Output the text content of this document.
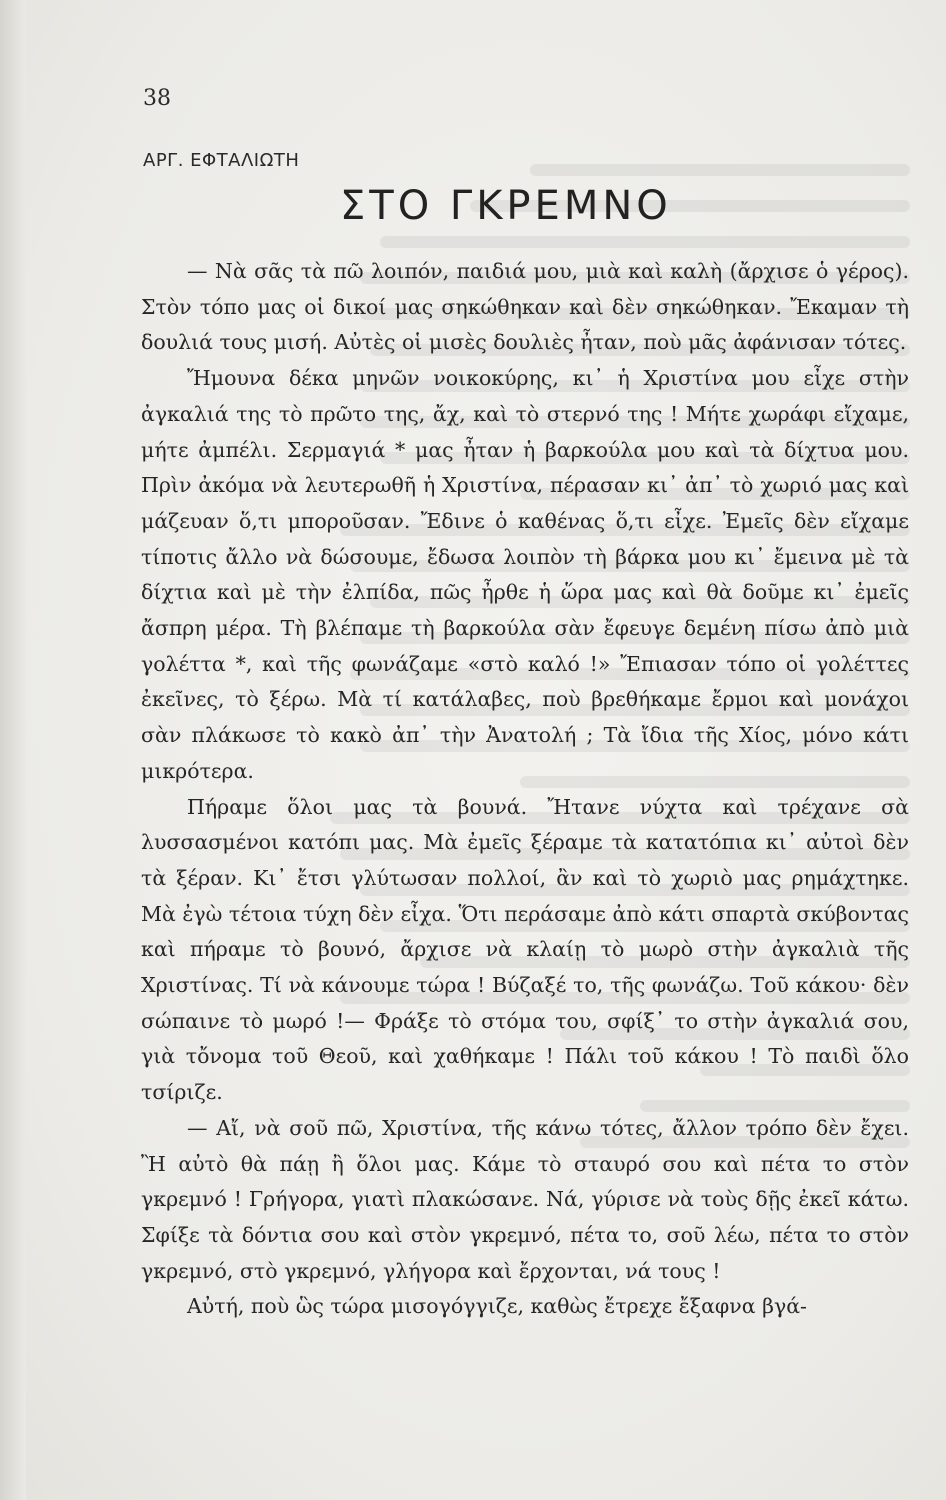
38

ΑΡΓ. ΕΦΤΑΛΙΩΤΗ

ΣΤΟ ΓΚΡΕΜΝΟ

— Νὰ σᾶς τὰ πῶ λοιπόν, παιδιά μου, μιὰ καὶ καλὴ (ἄρχισε ὁ γέρος). Στὸν τόπο μας οἱ δικοί μας σηκώθηκαν καὶ δὲν σηκώθηκαν. Ἔκαμαν τὴ δουλιά τους μισή. Αὐτὲς οἱ μισὲς δουλιὲς ἦταν, ποὺ μᾶς ἀφάνισαν τότες.

Ἤμουνα δέκα μηνῶν νοικοκύρης, κι᾿ ἡ Χριστίνα μου εἶχε στὴν ἀγκαλιά της τὸ πρῶτο της, ἄχ, καὶ τὸ στερνό της ! Μήτε χωράφι εἴχαμε, μήτε ἀμπέλι. Σερμαγιά * μας ἦταν ἡ βαρκούλα μου καὶ τὰ δίχτυα μου. Πρὶν ἀκόμα νὰ λευτερωθῆ ἡ Χριστίνα, πέρασαν κι᾿ ἀπ᾿ τὸ χωριό μας καὶ μάζευαν ὅ,τι μποροῦσαν. Ἔδινε ὁ καθένας ὅ,τι εἶχε. Ἐμεῖς δὲν εἴχαμε τίποτις ἄλλο νὰ δώσουμε, ἔδωσα λοιπὸν τὴ βάρκα μου κι᾿ ἔμεινα μὲ τὰ δίχτια καὶ μὲ τὴν ἐλπίδα, πῶς ἦρθε ἡ ὥρα μας καὶ θὰ δοῦμε κι᾿ ἐμεῖς ἄσπρη μέρα. Τὴ βλέπαμε τὴ βαρκούλα σὰν ἔφευγε δεμένη πίσω ἀπὸ μιὰ γολέττα *, καὶ τῆς φωνάζαμε «στὸ καλό !» Ἔπιασαν τόπο οἱ γολέττες ἐκεῖνες, τὸ ξέρω. Μὰ τί κατάλαβες, ποὺ βρεθήκαμε ἔρμοι καὶ μονάχοι σὰν πλάκωσε τὸ κακὸ ἀπ᾿ τὴν Ἀνατολή ; Τὰ ἴδια τῆς Χίος, μόνο κάτι μικρότερα.

Πήραμε ὅλοι μας τὰ βουνά. Ἤτανε νύχτα καὶ τρέχανε σὰ λυσσασμένοι κατόπι μας. Μὰ ἐμεῖς ξέραμε τὰ κατατόπια κι᾿ αὐτοὶ δὲν τὰ ξέραν. Κι᾿ ἔτσι γλύτωσαν πολλοί, ἂν καὶ τὸ χωριὸ μας ρημάχτηκε. Μὰ ἐγὼ τέτοια τύχη δὲν εἶχα. Ὅτι περάσαμε ἀπὸ κάτι σπαρτὰ σκύβοντας καὶ πήραμε τὸ βουνό, ἄρχισε νὰ κλαίῃ τὸ μωρὸ στὴν ἀγκαλιὰ τῆς Χριστίνας. Τί νὰ κάνουμε τώρα ! Βύζαξέ το, τῆς φωνάζω. Τοῦ κάκου· δὲν σώπαινε τὸ μωρό !— Φράξε τὸ στόμα του, σφίξ᾿ το στὴν ἀγκαλιά σου, γιὰ τὄνομα τοῦ Θεοῦ, καὶ χαθήκαμε ! Πάλι τοῦ κάκου ! Τὸ παιδὶ ὅλο τσίριζε.

— Αἴ, νὰ σοῦ πῶ, Χριστίνα, τῆς κάνω τότες, ἄλλον τρόπο δὲν ἔχει. Ἢ αὐτὸ θὰ πάῃ ἢ ὅλοι μας. Κάμε τὸ σταυρό σου καὶ πέτα το στὸν γκρεμνό ! Γρήγορα, γιατὶ πλακώσανε. Νά, γύρισε νὰ τοὺς δῇς ἐκεῖ κάτω. Σφίξε τὰ δόντια σου καὶ στὸν γκρεμνό, πέτα το, σοῦ λέω, πέτα το στὸν γκρεμνό, στὸ γκρεμνό, γλήγορα καὶ ἔρχονται, νά τους !

Αὐτή, ποὺ ὣς τώρα μισογόγγιζε, καθὼς ἔτρεχε ἔξαφνα βγά-
